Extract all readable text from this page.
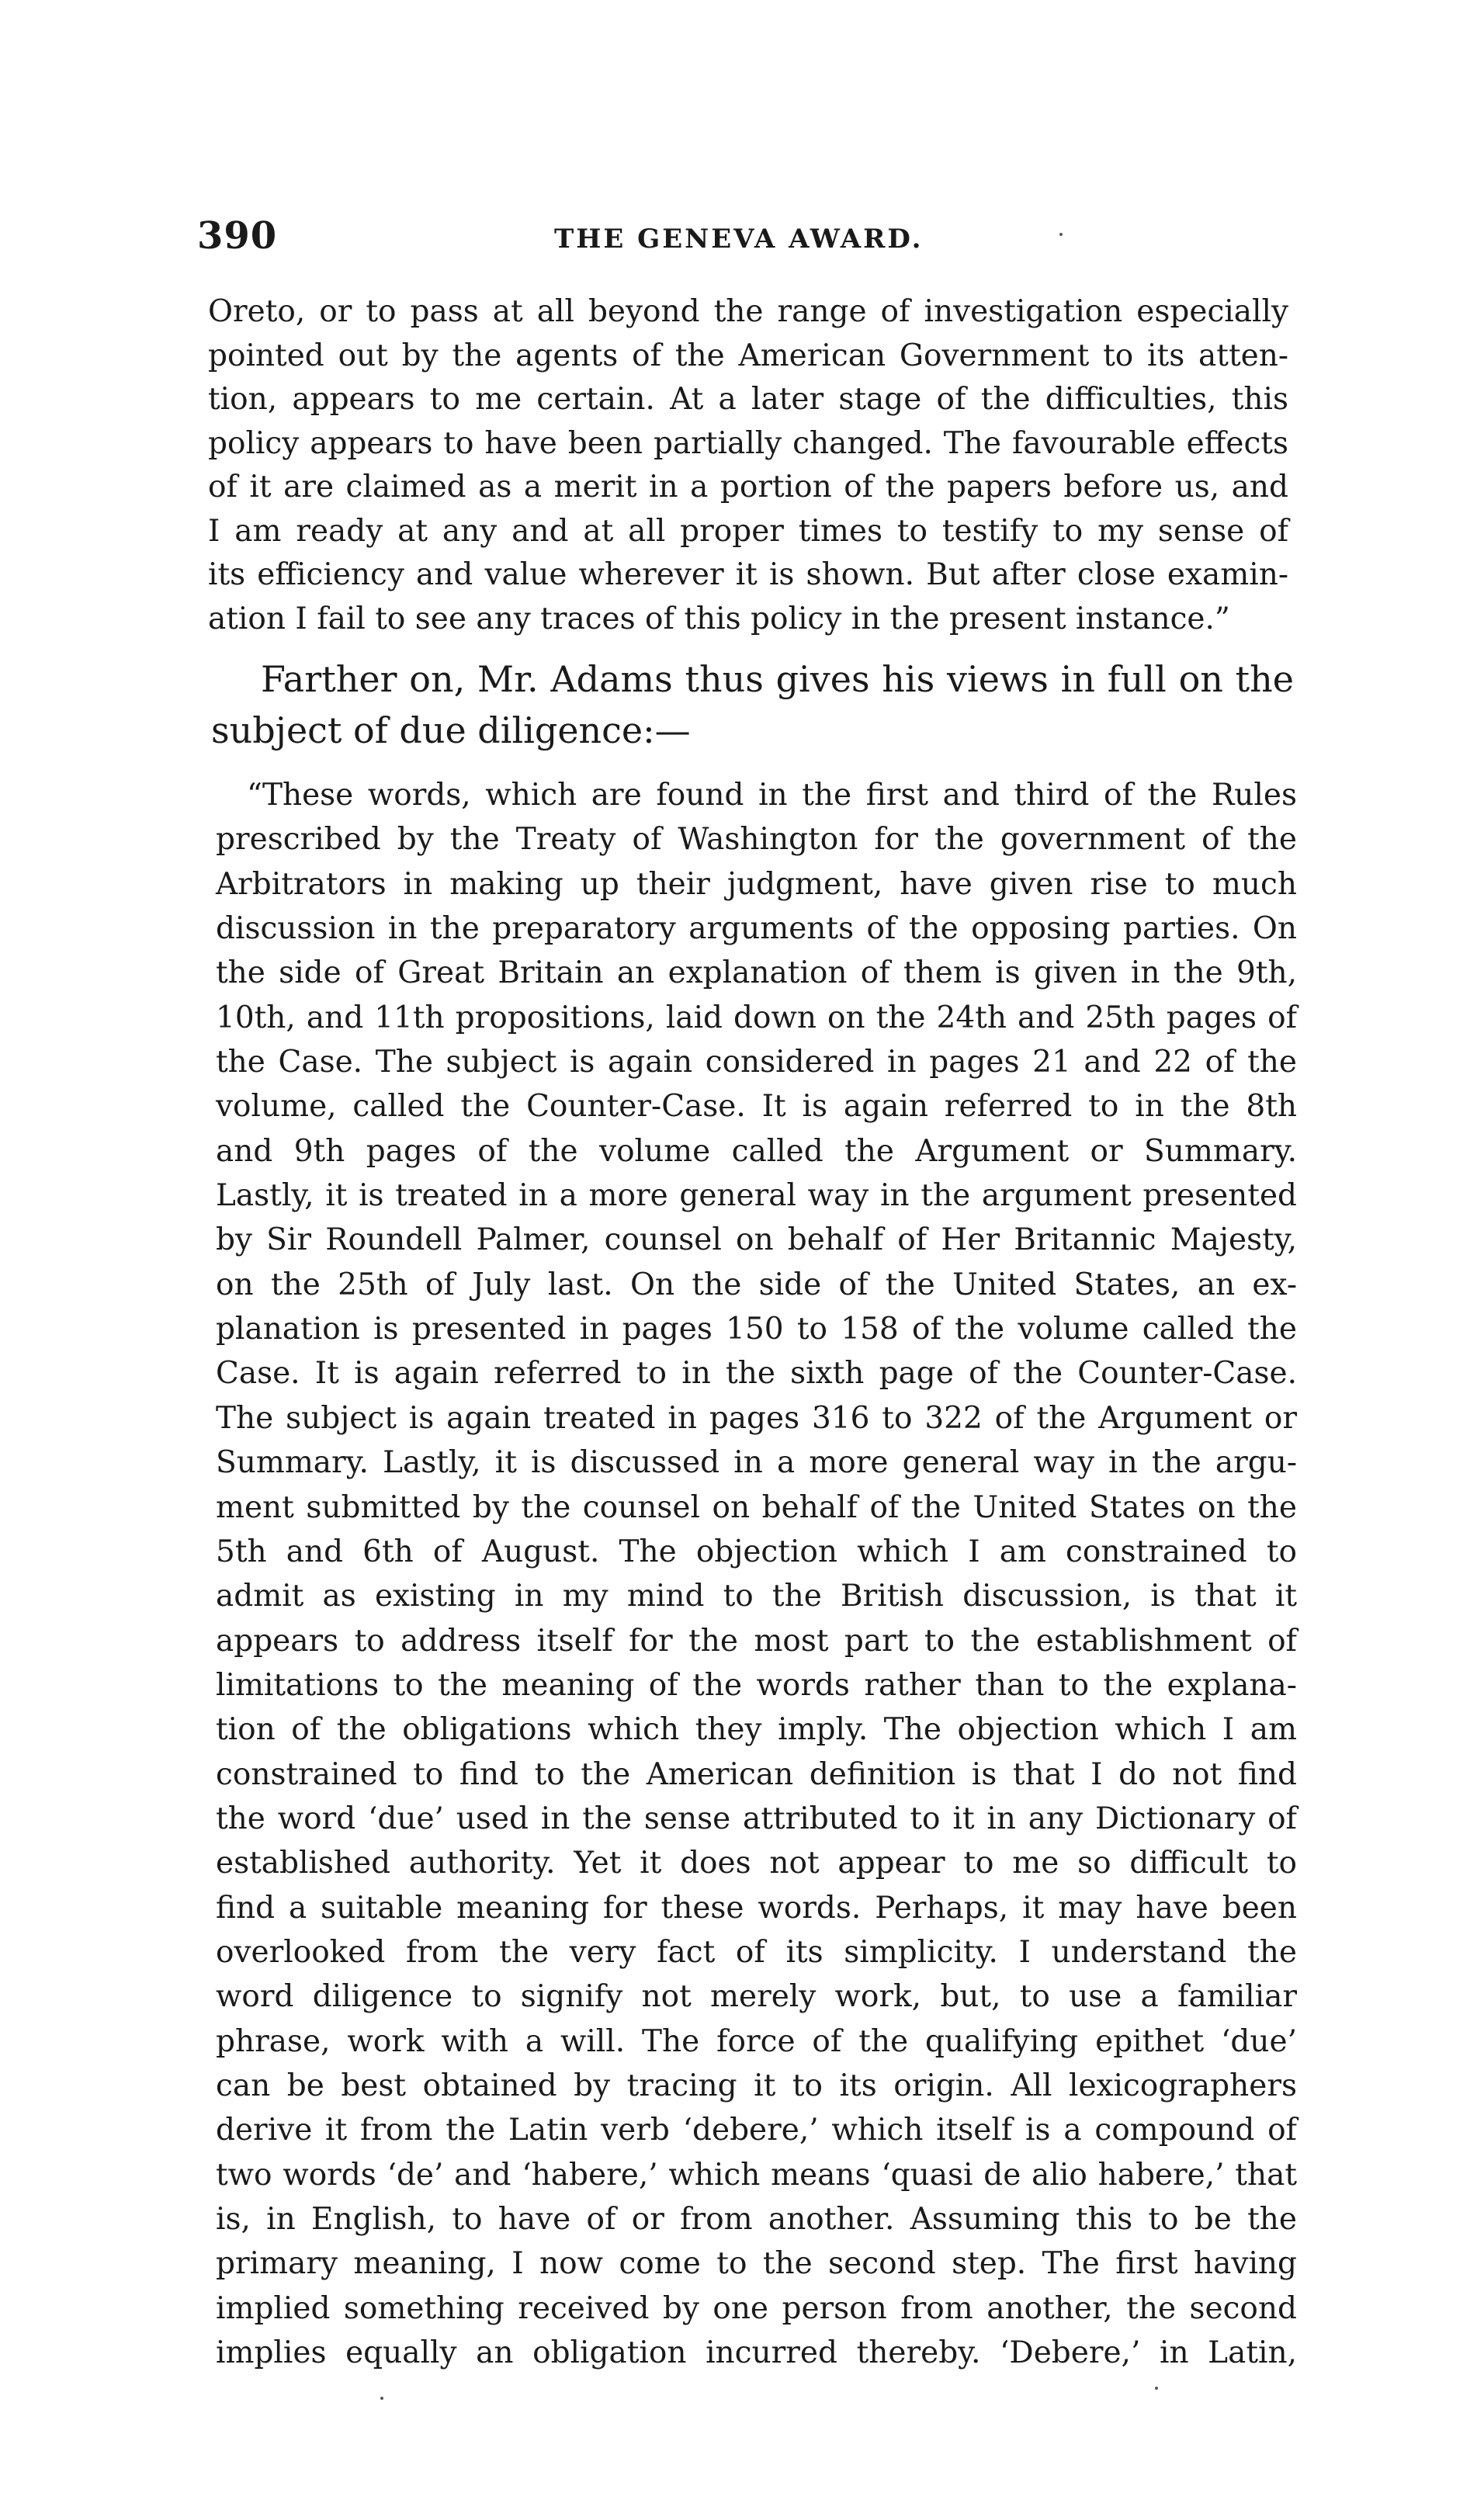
390	THE GENEVA AWARD.
Oreto, or to pass at all beyond the range of investigation especially
pointed out by the agents of the American Government to its atten-
tion, appears to me certain. At a later stage of the difficulties, this
policy appears to have been partially changed. The favourable effects
of it are claimed as a merit in a portion of the papers before us, and
I am ready at any and at all proper times to testify to my sense of
its efficiency and value wherever it is shown. But after close examin-
ation I fail to see any traces of this policy in the present instance.”
Farther on, Mr. Adams thus gives his views in full on the
subject of due diligence:—
“These words, which are found in the first and third of the Rules
prescribed by the Treaty of Washington for the government of the
Arbitrators in making up their judgment, have given rise to much
discussion in the preparatory arguments of the opposing parties. On
the side of Great Britain an explanation of them is given in the 9th,
10th, and 11th propositions, laid down on the 24th and 25th pages of
the Case. The subject is again considered in pages 21 and 22 of the
volume, called the Counter-Case. It is again referred to in the 8th
and 9th pages of the volume called the Argument or Summary.
Lastly, it is treated in a more general way in the argument presented
by Sir Roundell Palmer, counsel on behalf of Her Britannic Majesty,
on the 25th of July last. On the side of the United States, an ex-
planation is presented in pages 150 to 158 of the volume called the
Case. It is again referred to in the sixth page of the Counter-Case.
The subject is again treated in pages 316 to 322 of the Argument or
Summary. Lastly, it is discussed in a more general way in the argu-
ment submitted by the counsel on behalf of the United States on the
5th and 6th of August. The objection which I am constrained to
admit as existing in my mind to the British discussion, is that it
appears to address itself for the most part to the establishment of
limitations to the meaning of the words rather than to the explana-
tion of the obligations which they imply. The objection which I am
constrained to find to the American definition is that I do not find
the word ‘due’ used in the sense attributed to it in any Dictionary of
established authority. Yet it does not appear to me so difficult to
find a suitable meaning for these words. Perhaps, it may have been
overlooked from the very fact of its simplicity. I understand the
word diligence to signify not merely work, but, to use a familiar
phrase, work with a will. The force of the qualifying epithet ‘due’
can be best obtained by tracing it to its origin. All lexicographers
derive it from the Latin verb ‘debere,’ which itself is a compound of
two words ‘de’ and ‘habere,’ which means ‘quasi de alio habere,’ that
is, in English, to have of or from another. Assuming this to be the
primary meaning, I now come to the second step. The first having
implied something received by one person from another, the second
implies equally an obligation incurred thereby. ‘Debere,’ in Latin,
